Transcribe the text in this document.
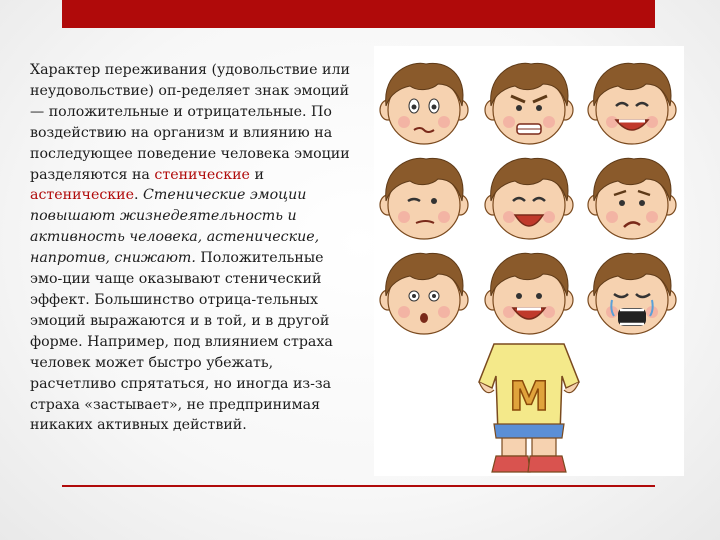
Характер переживания (удовольствие или неудовольствие) оп-ределяет знак эмоций — положительные и отрицательные. По воздействию на организм и влиянию на последующее поведение человека эмоции разделяются на стенические и астенические. Стенические эмоции повышают жизнедеятельность и активность человека, астенические, напротив, снижают. Положительные эмо-ции чаще оказывают стенический эффект. Большинство отрица-тельных эмоций выражаются и в той, и в другой форме. Например, под влиянием страха человек может быстро убежать, расчетливо спрятаться, но иногда из-за страха «застывает», не предпринимая никаких активных действий.
M
